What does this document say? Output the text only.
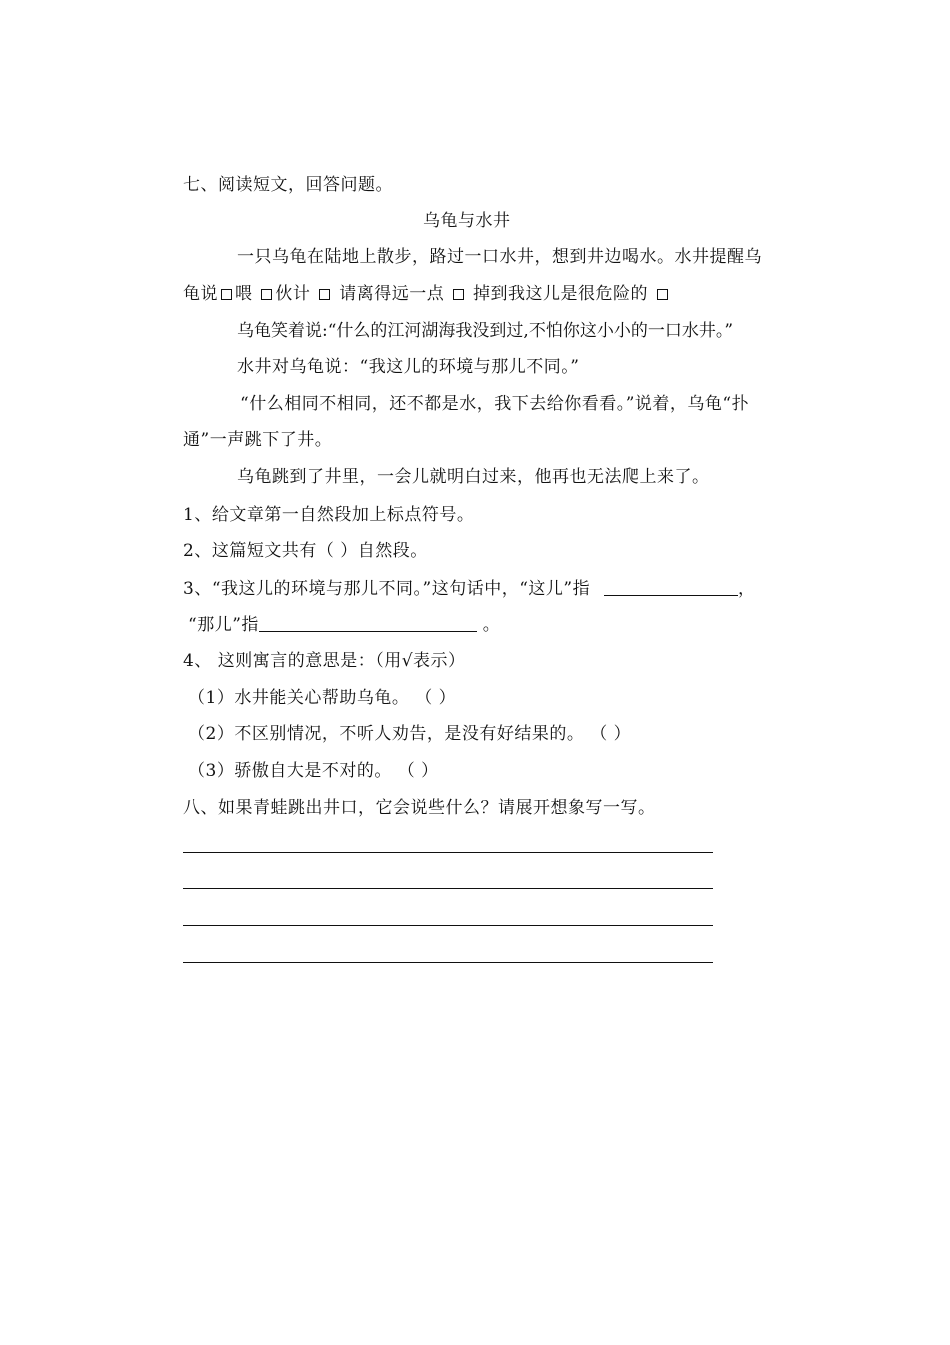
七、阅读短文，回答问题。
乌龟与水井
一只乌龟在陆地上散步，路过一口水井，想到井边喝水。水井提醒乌
龟说 喂 伙计 请离得远一点 掉到我这儿是很危险的
乌龟笑着说:“什么的江河湖海我没到过,不怕你这小小的一口水井。”
水井对乌龟说：“我这儿的环境与那儿不同。”
“什么相同不相同，还不都是水，我下去给你看看。”说着，乌龟“扑
通”一声跳下了井。
乌龟跳到了井里，一会儿就明白过来，他再也无法爬上来了。
1、给文章第一自然段加上标点符号。
2、这篇短文共有（ ）自然段。
3、“我这儿的环境与那儿不同。”这句话中，“这儿”指	，
“那儿”指	。
4、 这则寓言的意思是：（用√表示）
（1）水井能关心帮助乌龟。 （ ）
（2）不区别情况，不听人劝告，是没有好结果的。 （ ）
（3）骄傲自大是不对的。 （ ）
八、如果青蛙跳出井口，它会说些什么？请展开想象写一写。
